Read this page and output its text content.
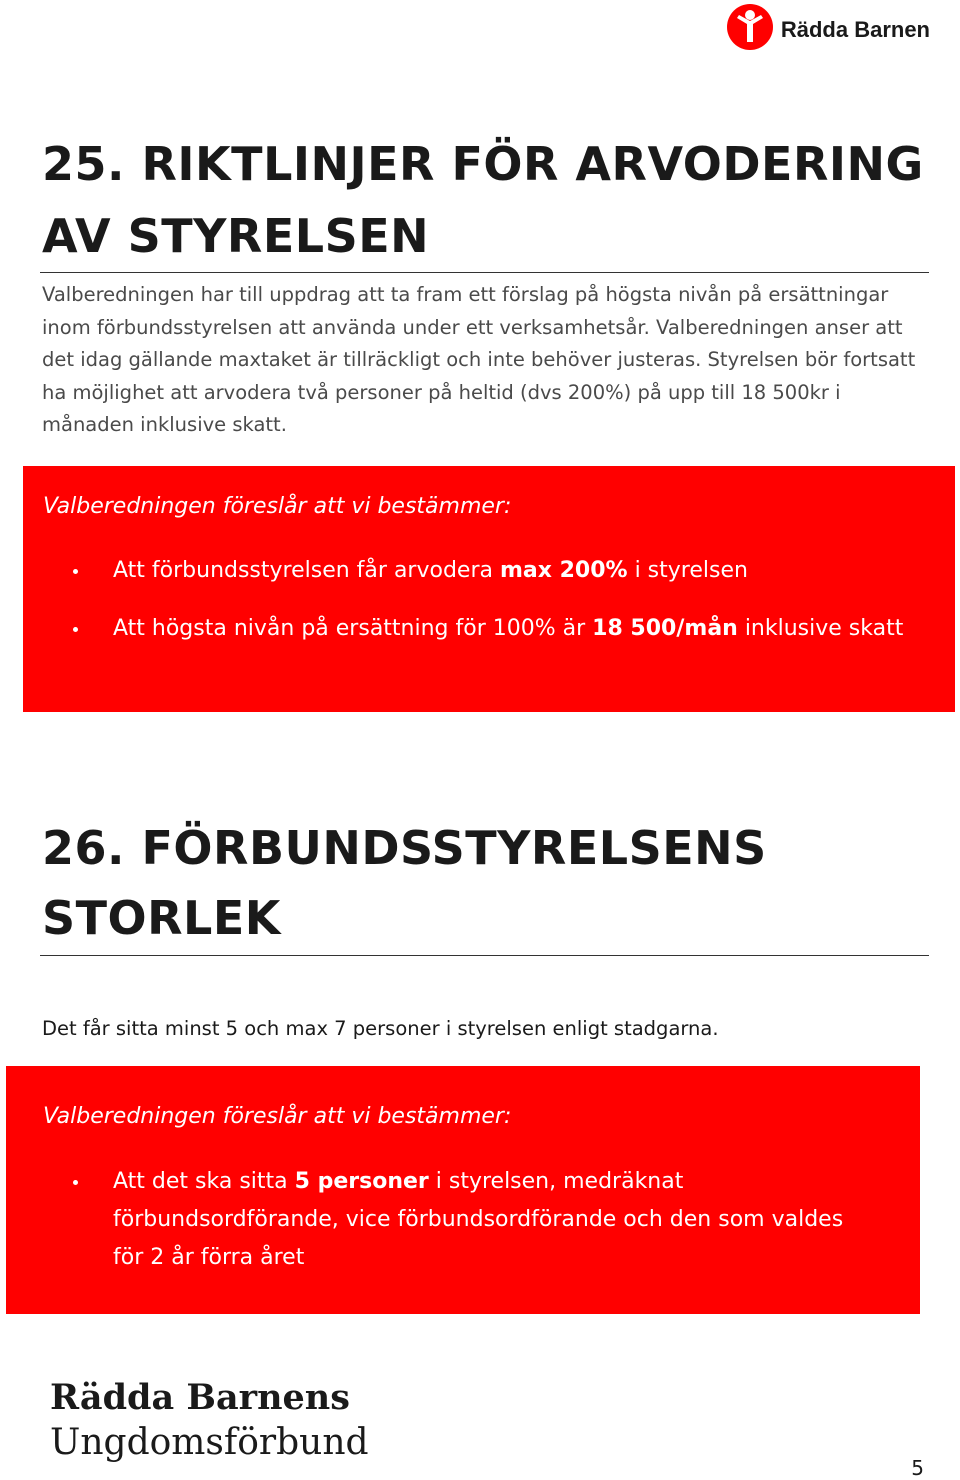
Rädda Barnen
25. RIKTLINJER FÖR ARVODERING
AV STYRELSEN

Valberedningen har till uppdrag att ta fram ett förslag på högsta nivån på ersättningar inom förbundsstyrelsen att använda under ett verksamhetsår. Valberedningen anser att det idag gällande maxtaket är tillräckligt och inte behöver justeras. Styrelsen bör fortsatt ha möjlighet att arvodera två personer på heltid (dvs 200%) på upp till 18 500kr i månaden inklusive skatt.

Valberedningen föreslår att vi bestämmer:
Att förbundsstyrelsen får arvodera max 200% i styrelsen
Att högsta nivån på ersättning för 100% är 18 500/mån inklusive skatt
26. FÖRBUNDSSTYRELSENS
STORLEK

Det får sitta minst 5 och max 7 personer i styrelsen enligt stadgarna.

Valberedningen föreslår att vi bestämmer:
Att det ska sitta 5 personer i styrelsen, medräknat förbundsordförande, vice förbundsordförande och den som valdes för 2 år förra året
Rädda Barnens
Ungdomsförbund
5
